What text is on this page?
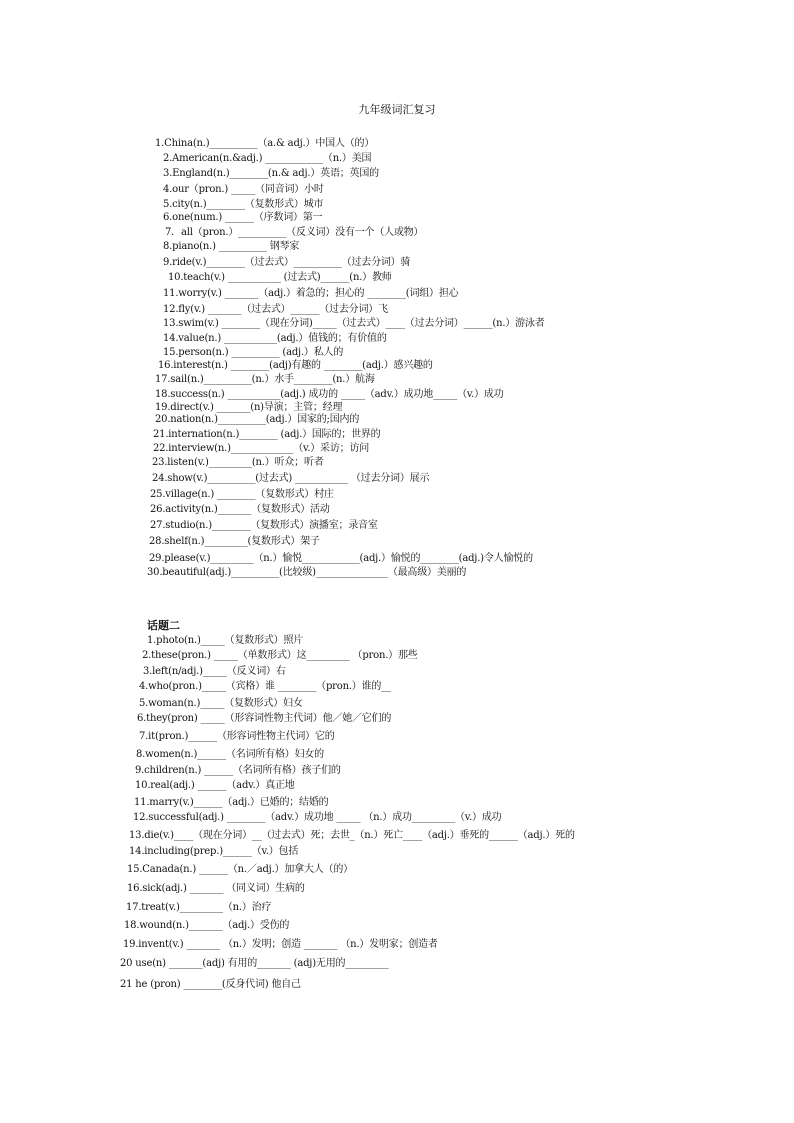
九年级词汇复习
1.China(n.)__________（a.& adj.）中国人（的）
2.American(n.&adj.) ____________（n.）美国
3.England(n.)________(n.& adj.）英语；英国的
4.our（pron.) _____（同音词）小时
5.city(n.)________（复数形式）城市
6.one(num.) ______（序数词）第一
7．all（pron.）__________（反义词）没有一个（人或物）
8.piano(n.) __________ 钢琴家
9.ride(v.)________（过去式）__________（过去分词）骑
10.teach(v.) ___________ (过去式)______(n.）教师
11.worry(v.) _______（adj.）着急的；担心的 ________(词组）担心
12.fly(v.) _______（过去式）______（过去分词）飞
13.swim(v.) ________（现在分词)_____（过去式）____（过去分词）______(n.）游泳者
14.value(n.) ___________(adj.）值钱的；有价值的
15.person(n.) __________ (adj.）私人的
16.interest(n.) ________(adj)有趣的 ________(adj.）感兴趣的
17.sail(n.)__________(n.）水手________(n.）航海
18.success(n.) ___________(adj.) 成功的 _____（adv.）成功地_____（v.）成功
19.direct(v.) _______(n)导演；主管；经理
20.nation(n.)__________(adj.）国家的;国内的
21.internation(n.)________ (adj.）国际的；世界的
22.interview(n.)_____________（v.）采访；访问
23.listen(v.)_________(n.）听众；听者
24.show(v.)__________(过去式) ___________ （过去分词）展示
25.village(n.) ________（复数形式）村庄
26.activity(n.)_______（复数形式）活动
27.studio(n.)________（复数形式）演播室；录音室
28.shelf(n.)_________(复数形式）架子
29.please(v.)_________（n.）愉悦____________(adj.）愉悦的________(adj.)令人愉悦的
30.beautiful(adj.)__________(比较级)_______________（最高级）美丽的
话题二
1.photo(n.)_____（复数形式）照片
2.these(pron.) _____（单数形式）这_________ （pron.）那些
3.left(n/adj.)_____（反义词）右
4.who(pron.)_____（宾格）谁 ________（pron.）谁的__
5.woman(n.)_____（复数形式）妇女
6.they(pron) _____（形容词性物主代词）他／她／它们的
7.it(pron.)______（形容词性物主代词）它的
8.women(n.)______（名词所有格）妇女的
9.children(n.) ______（名词所有格）孩子们的
10.real(adj.) ______（adv.）真正地
11.marry(v.)______（adj.）已婚的；结婚的
12.successful(adj.) ________（adv.）成功地 _____ （n.）成功_________（v.）成功
13.die(v.)____（现在分词）__（过去式）死；去世_（n.）死亡____（adj.）垂死的______（adj.）死的
14.including(prep.)______（v.）包括
15.Canada(n.) ______（n.／adj.）加拿大人（的）
16.sick(adj.) _______ （同义词）生病的
17.treat(v.)_________（n.）治疗
18.wound(n.)_______（adj.）受伤的
19.invent(v.) _______ （n.）发明；创造 _______ （n.）发明家；创造者
20 use(n) _______(adj) 有用的_______ (adj)无用的_________
21 he (pron) ________(反身代词) 他自己
